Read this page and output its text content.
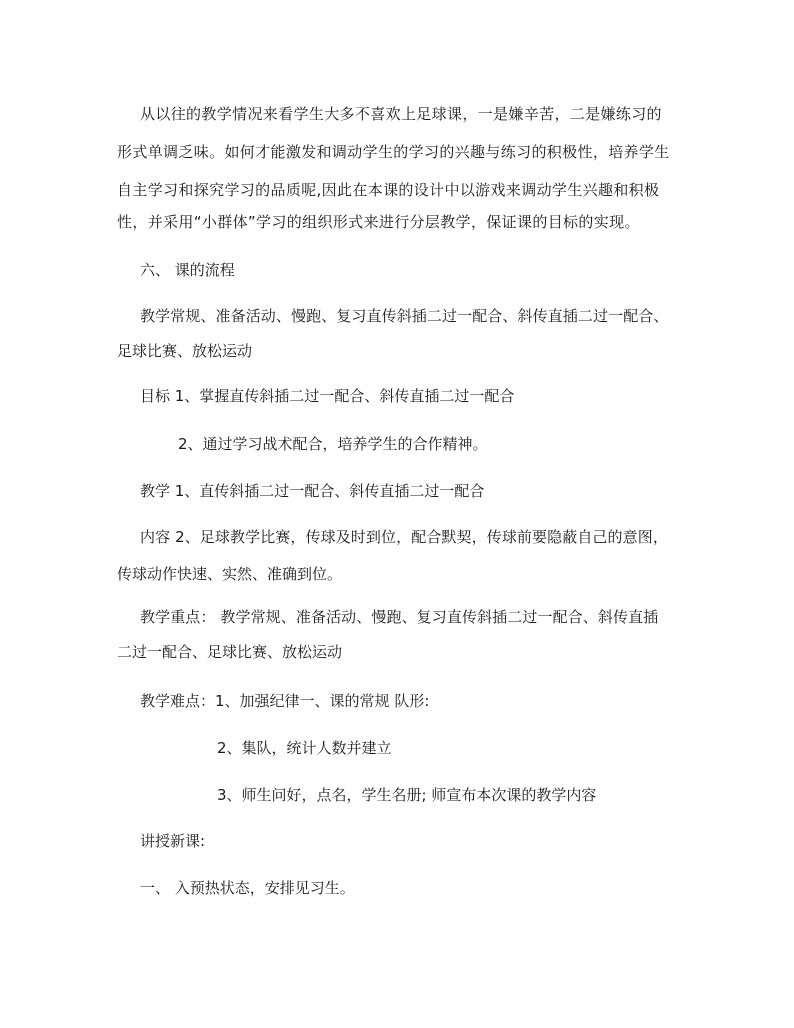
从以往的教学情况来看学生大多不喜欢上足球课，一是嫌辛苦，二是嫌练习的
形式单调乏味。如何才能激发和调动学生的学习的兴趣与练习的积极性，培养学生
自主学习和探究学习的品质呢,因此在本课的设计中以游戏来调动学生兴趣和积极
性，并采用“小群体”学习的组织形式来进行分层教学，保证课的目标的实现。
六、 课的流程
教学常规、准备活动、慢跑、复习直传斜插二过一配合、斜传直插二过一配合、
足球比赛、放松运动
目标 1、掌握直传斜插二过一配合、斜传直插二过一配合
2、通过学习战术配合，培养学生的合作精神。
教学 1、直传斜插二过一配合、斜传直插二过一配合
内容 2、足球教学比赛，传球及时到位，配合默契，传球前要隐蔽自己的意图，
传球动作快速、实然、准确到位。
教学重点： 教学常规、准备活动、慢跑、复习直传斜插二过一配合、斜传直插
二过一配合、足球比赛、放松运动
教学难点：1、加强纪律一、课的常规 队形:
2、集队，统计人数并建立
3、师生问好，点名，学生名册; 师宣布本次课的教学内容
讲授新课:
一、 入预热状态，安排见习生。
